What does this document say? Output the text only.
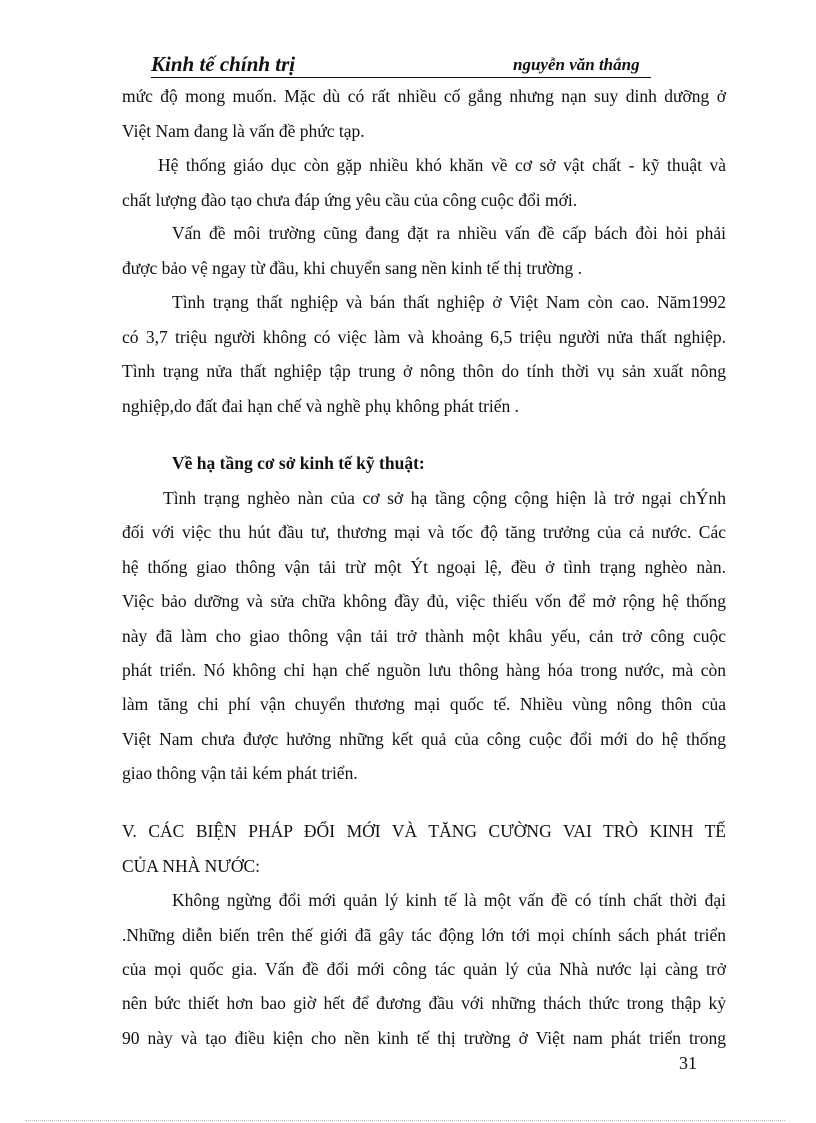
Kinh tế chính trị	nguyễn văn thắng
mức độ mong muốn. Mặc dù có rất nhiều cố gắng nhưng nạn suy dinh dưỡng ở
Việt Nam đang là vấn đề phức tạp.
Hệ thống giáo dục còn gặp nhiều khó khăn về cơ sở vật chất - kỹ thuật và
chất lượng đào tạo chưa đáp ứng yêu cầu của công cuộc đổi mới.
Vấn đề môi trường cũng đang đặt ra nhiều vấn đề cấp bách đòi hỏi phải
được bảo vệ ngay từ đầu, khi chuyển sang nền kinh tế thị trường .
Tình trạng thất nghiệp và bán thất nghiệp ở Việt Nam còn cao. Năm1992
có 3,7 triệu người không có việc làm và khoảng 6,5 triệu người nửa thất nghiệp.
Tình trạng nửa thất nghiệp tập trung ở nông thôn do tính thời vụ sản xuất nông
nghiệp,do đất đai hạn chế và nghề phụ không phát triển .
Về hạ tầng cơ sở kinh tế kỹ thuật:
Tình trạng nghèo nàn của cơ sở hạ tầng cộng cộng hiện là trở ngại chÝnh
đối với việc thu hút đầu tư, thương mại và tốc độ tăng trưởng của cả nước. Các
hệ thống giao thông vận tải trừ một Ýt ngoại lệ, đều ở tình trạng nghèo nàn.
Việc bảo dưỡng và sửa chữa không đầy đủ, việc thiếu vốn để mở rộng hệ thống
này đã làm cho giao thông vận tải trở thành một khâu yếu, cản trở công cuộc
phát triển. Nó không chỉ hạn chế nguồn lưu thông hàng hóa trong nước, mà còn
làm tăng chi phí vận chuyển thương mại quốc tế. Nhiều vùng nông thôn của
Việt Nam chưa được hưởng những kết quả của công cuộc đổi mới do hệ thống
giao thông vận tải kém phát triển.
V. CÁC BIỆN PHÁP ĐỔI MỚI VÀ TĂNG CƯỜNG VAI TRÒ KINH TẾ
CỦA NHÀ NƯỚC:
Không ngừng đổi mới quản lý kinh tế là một vấn đề có tính chất thời đại
.Những diễn biến trên thế giới đã gây tác động lớn tới mọi chính sách phát triển
của mọi quốc gia. Vấn đề đổi mới công tác quản lý của Nhà nước lại càng trở
nên bức thiết hơn bao giờ hết để đương đầu với những thách thức trong thập kỷ
90 này và tạo điều kiện cho nền kinh tế thị trường ở Việt nam phát triển trong
31
